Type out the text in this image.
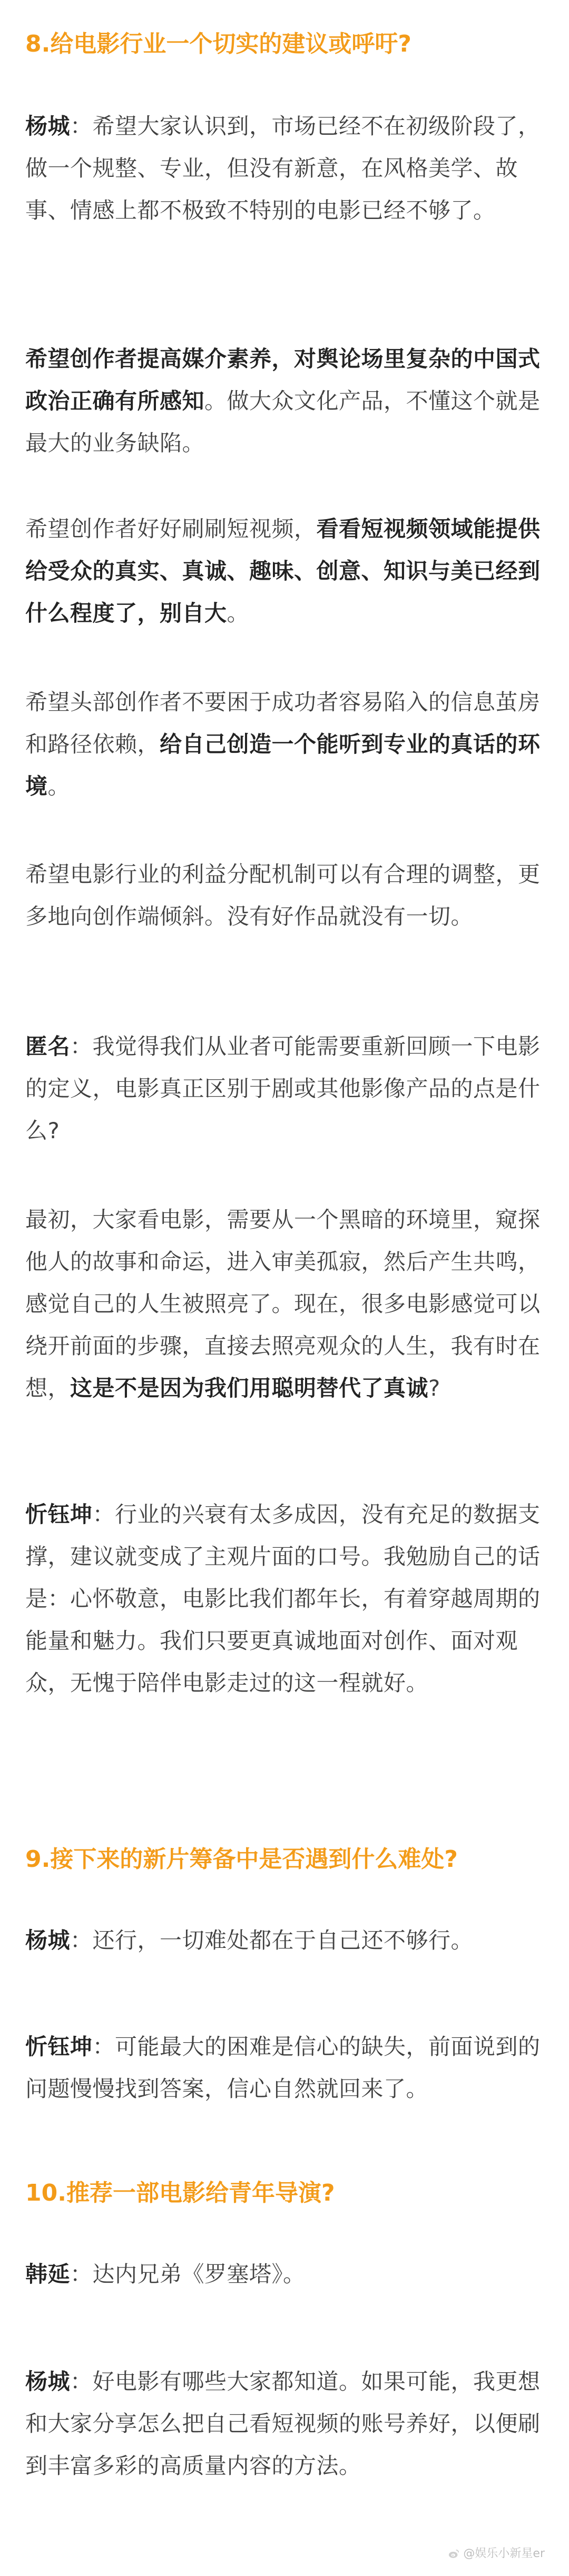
8.给电影行业一个切实的建议或呼吁?

杨城：希望大家认识到，市场已经不在初级阶段了，做一个规整、专业，但没有新意，在风格美学、故事、情感上都不极致不特别的电影已经不够了。

希望创作者提高媒介素养，对舆论场里复杂的中国式政治正确有所感知。做大众文化产品，不懂这个就是最大的业务缺陷。

希望创作者好好刷刷短视频，看看短视频领域能提供给受众的真实、真诚、趣味、创意、知识与美已经到什么程度了，别自大。

希望头部创作者不要困于成功者容易陷入的信息茧房和路径依赖，给自己创造一个能听到专业的真话的环境。

希望电影行业的利益分配机制可以有合理的调整，更多地向创作端倾斜。没有好作品就没有一切。

匿名：我觉得我们从业者可能需要重新回顾一下电影的定义，电影真正区别于剧或其他影像产品的点是什么?

最初，大家看电影，需要从一个黑暗的环境里，窥探他人的故事和命运，进入审美孤寂，然后产生共鸣，感觉自己的人生被照亮了。现在，很多电影感觉可以绕开前面的步骤，直接去照亮观众的人生，我有时在想，这是不是因为我们用聪明替代了真诚?

忻钰坤：行业的兴衰有太多成因，没有充足的数据支撑，建议就变成了主观片面的口号。我勉励自己的话是：心怀敬意，电影比我们都年长，有着穿越周期的能量和魅力。我们只要更真诚地面对创作、面对观众，无愧于陪伴电影走过的这一程就好。

9.接下来的新片筹备中是否遇到什么难处?

杨城：还行，一切难处都在于自己还不够行。

忻钰坤：可能最大的困难是信心的缺失，前面说到的问题慢慢找到答案，信心自然就回来了。

10.推荐一部电影给青年导演?

韩延：达内兄弟《罗塞塔》。

杨城：好电影有哪些大家都知道。如果可能，我更想和大家分享怎么把自己看短视频的账号养好，以便刷到丰富多彩的高质量内容的方法。

@娱乐小新星er
